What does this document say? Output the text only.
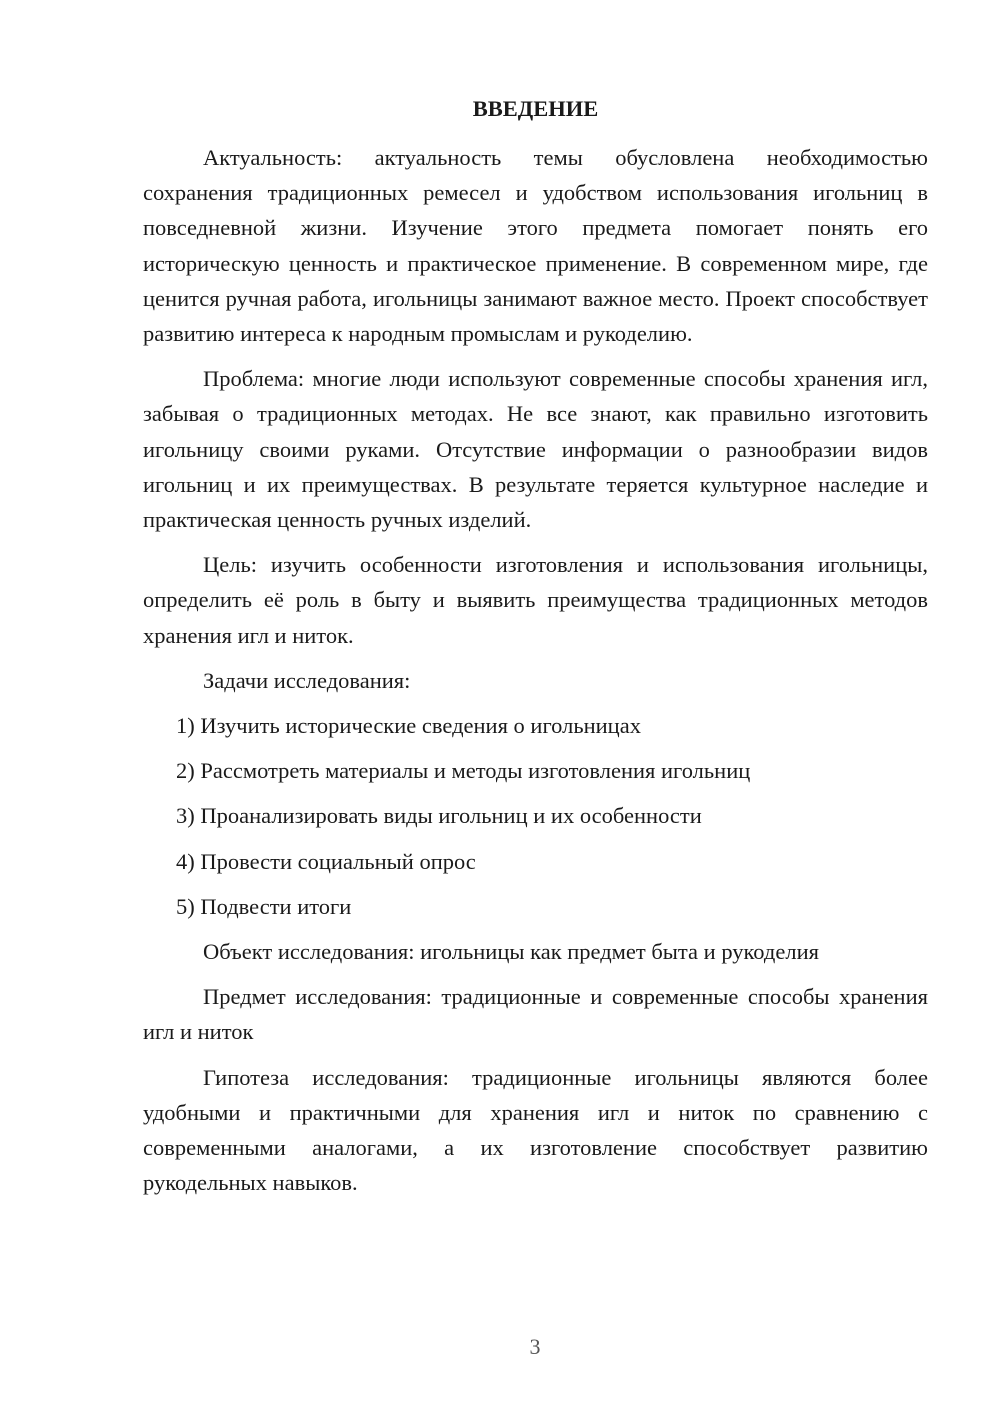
ВВЕДЕНИЕ

Актуальность: актуальность темы обусловлена необходимостью сохранения традиционных ремесел и удобством использования игольниц в повседневной жизни. Изучение этого предмета помогает понять его историческую ценность и практическое применение. В современном мире, где ценится ручная работа, игольницы занимают важное место. Проект способствует развитию интереса к народным промыслам и рукоделию.

Проблема: многие люди используют современные способы хранения игл, забывая о традиционных методах. Не все знают, как правильно изготовить игольницу своими руками. Отсутствие информации о разнообразии видов игольниц и их преимуществах. В результате теряется культурное наследие и практическая ценность ручных изделий.

Цель: изучить особенности изготовления и использования игольницы, определить её роль в быту и выявить преимущества традиционных методов хранения игл и ниток.

Задачи исследования:

1) Изучить исторические сведения о игольницах
2) Рассмотреть материалы и методы изготовления игольниц
3) Проанализировать виды игольниц и их особенности
4) Провести социальный опрос
5) Подвести итоги

Объект исследования: игольницы как предмет быта и рукоделия

Предмет исследования: традиционные и современные способы хранения игл и ниток

Гипотеза исследования: традиционные игольницы являются более удобными и практичными для хранения игл и ниток по сравнению с современными аналогами, а их изготовление способствует развитию рукодельных навыков.

3
